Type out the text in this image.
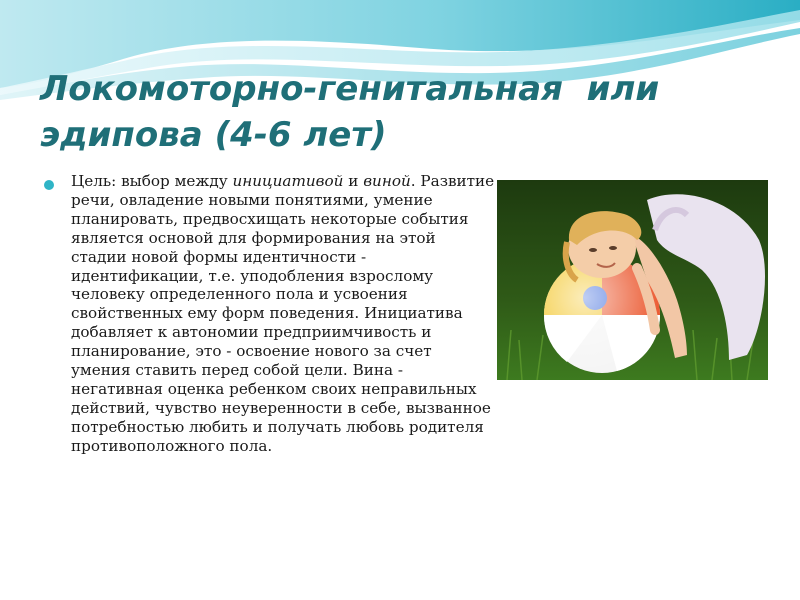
Локомоторно-генитальная  или
эдипова (4-6 лет)

Цель: выбор между инициативой и виной. Развитие речи, овладение новыми понятиями, умение планировать, предвосхищать некоторые события является основой для формирования на этой стадии новой формы идентичности - идентификации, т.е. уподобления взрослому человеку определенного пола и усвоения свойственных ему форм поведения. Инициатива добавляет к автономии предприимчивость и планирование, это - освоение нового за счет умения ставить перед собой цели. Вина - негативная оценка ребенком своих неправильных действий, чувство неуверенности в себе, вызванное потребностью любить и получать любовь родителя противоположного пола.
